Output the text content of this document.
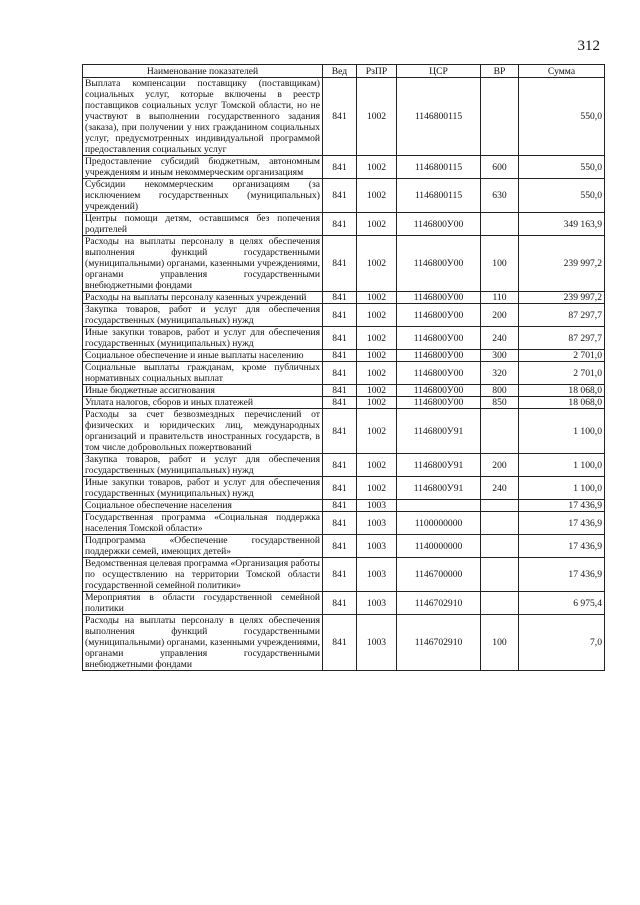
312
Наименование показателей	Вед	РзПР	ЦСР	ВР	Сумма
Выплата компенсации поставщику (поставщикам) социальных услуг, которые включены в реестр поставщиков социальных услуг Томской области, но не участвуют в выполнении государственного задания (заказа), при получении у них гражданином социальных услуг, предусмотренных индивидуальной программой предоставления социальных услуг	841	1002	1146800115		550,0
Предоставление субсидий бюджетным, автономным учреждениям и иным некоммерческим организациям	841	1002	1146800115	600	550,0
Субсидии некоммерческим организациям (за исключением государственных (муниципальных) учреждений)	841	1002	1146800115	630	550,0
Центры помощи детям, оставшимся без попечения родителей	841	1002	1146800У00		349 163,9
Расходы на выплаты персоналу в целях обеспечения выполнения функций государственными (муниципальными) органами, казенными учреждениями, органами управления государственными внебюджетными фондами	841	1002	1146800У00	100	239 997,2
Расходы на выплаты персоналу казенных учреждений	841	1002	1146800У00	110	239 997,2
Закупка товаров, работ и услуг для обеспечения государственных (муниципальных) нужд	841	1002	1146800У00	200	87 297,7
Иные закупки товаров, работ и услуг для обеспечения государственных (муниципальных) нужд	841	1002	1146800У00	240	87 297,7
Социальное обеспечение и иные выплаты населению	841	1002	1146800У00	300	2 701,0
Социальные выплаты гражданам, кроме публичных нормативных социальных выплат	841	1002	1146800У00	320	2 701,0
Иные бюджетные ассигнования	841	1002	1146800У00	800	18 068,0
Уплата налогов, сборов и иных платежей	841	1002	1146800У00	850	18 068,0
Расходы за счет безвозмездных перечислений от физических и юридических лиц, международных организаций и правительств иностранных государств, в том числе добровольных пожертвований	841	1002	1146800У91		1 100,0
Закупка товаров, работ и услуг для обеспечения государственных (муниципальных) нужд	841	1002	1146800У91	200	1 100,0
Иные закупки товаров, работ и услуг для обеспечения государственных (муниципальных) нужд	841	1002	1146800У91	240	1 100,0
Социальное обеспечение населения	841	1003			17 436,9
Государственная программа «Социальная поддержка населения Томской области»	841	1003	1100000000		17 436,9
Подпрограмма «Обеспечение государственной поддержки семей, имеющих детей»	841	1003	1140000000		17 436,9
Ведомственная целевая программа «Организация работы по осуществлению на территории Томской области государственной семейной политики»	841	1003	1146700000		17 436,9
Мероприятия в области государственной семейной политики	841	1003	1146702910		6 975,4
Расходы на выплаты персоналу в целях обеспечения выполнения функций государственными (муниципальными) органами, казенными учреждениями, органами управления государственными внебюджетными фондами	841	1003	1146702910	100	7,0
